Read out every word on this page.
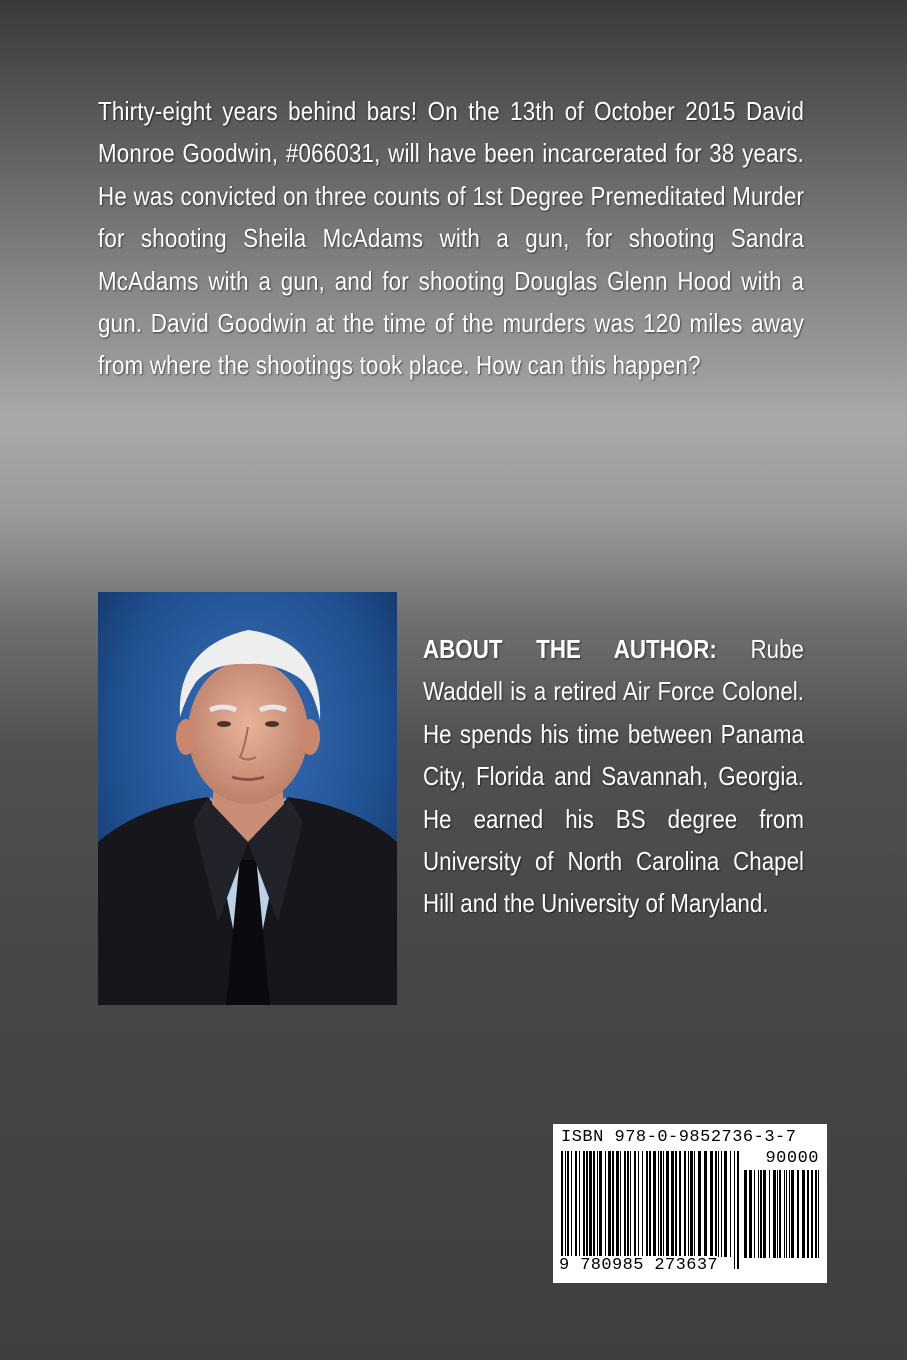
Thirty-eight years behind bars! On the 13th of October 2015 David Monroe Goodwin, #066031, will have been incarcerated for 38 years. He was convicted on three counts of 1st Degree Premeditated Murder for shooting Sheila McAdams with a gun, for shooting Sandra McAdams with a gun, and for shooting Douglas Glenn Hood with a gun. David Goodwin at the time of the murders was 120 miles away from where the shootings took place. How can this happen?

ABOUT THE AUTHOR: Rube Waddell is a retired Air Force Colonel. He spends his time between Panama City, Florida and Savannah, Georgia. He earned his BS degree from University of North Carolina Chapel Hill and the University of Maryland.
ISBN 978-0-9852736-3-7
90000
9 780985 273637
